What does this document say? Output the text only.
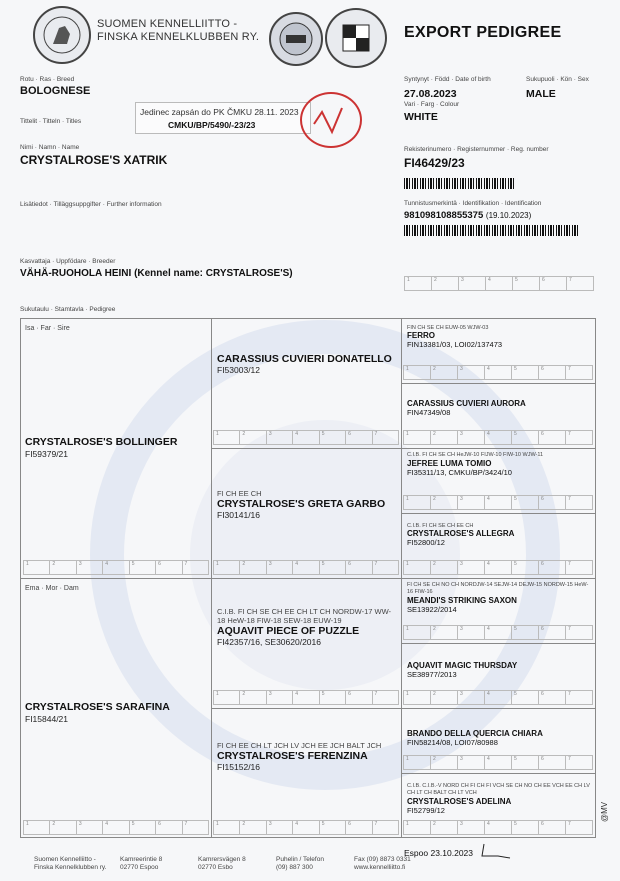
SUOMEN KENNELLIITTO -
FINSKA KENNELKLUBBEN RY.	EXPORT PEDIGREE
Rotu · Ras · Breed
BOLOGNESE
Tittelit · Titteln · Titles
Jedinec zapsán do PK ČMKU 28.11. 2023
CMKU/BP/5490/-23/23
Nimi · Namn · Name
CRYSTALROSE'S XATRIK
Lisätiedot · Tilläggsuppgifter · Further information
Syntynyt · Född · Date of birth	Sukupuoli · Kön · Sex
27.08.2023	MALE
Vari · Farg · Colour
WHITE
Rekisterinumero · Registernummer · Reg. number
FI46429/23
Tunnistusmerkintä · Identifikation · Identification
981098108855375 (19.10.2023)
Kasvattaja · Uppfödare · Breeder
VÄHÄ-RUOHOLA HEINI (Kennel name: CRYSTALROSE'S)
1	2	3	4	5	6	7
Sukutaulu · Stamtavla · Pedigree
Isa · Far · Sire
CRYSTALROSE'S BOLLINGER
FI59379/21
1	2	3	4	5	6	7
Ema · Mor · Dam
CRYSTALROSE'S SARAFINA
FI15844/21
1	2	3	4	5	6	7
CARASSIUS CUVIERI DONATELLO
FI53003/12
1	2	3	4	5	6	7
FI CH EE CH
CRYSTALROSE'S GRETA GARBO
FI30141/16
1	2	3	4	5	6	7
C.I.B. FI CH SE CH EE CH LT CH NORDW-17 WW-18 HeW-18 FIW-18 SEW-18 EUW-19
AQUAVIT PIECE OF PUZZLE
FI42357/16, SE30620/2016
1	2	3	4	5	6	7
FI CH EE CH LT JCH LV JCH EE JCH BALT JCH
CRYSTALROSE'S FERENZINA
FI15152/16
1	2	3	4	5	6	7
FIN CH SE CH EUW-05 WJW-03
FERRO
FIN13381/03, LOI02/137473
1	2	3	4	5	6	7
CARASSIUS CUVIERI AURORA
FIN47349/08
1	2	3	4	5	6	7
C.I.B. FI CH SE CH HeJW-10 FIJW-10 FIW-10 WJW-11
JEFREE LUMA TOMIO
FI35311/13, CMKU/BP/3424/10
1	2	3	4	5	6	7
C.I.B. FI CH SE CH EE CH
CRYSTALROSE'S ALLEGRA
FI52800/12
1	2	3	4	5	6	7
FI CH SE CH NO CH NORDJW-14 SEJW-14 DEJW-15 NORDW-15 HeW-16 FIW-16
MEANDI'S STRIKING SAXON
SE13922/2014
1	2	3	4	5	6	7
AQUAVIT MAGIC THURSDAY
SE38977/2013
1	2	3	4	5	6	7
BRANDO DELLA QUERCIA CHIARA
FIN58214/08, LOI07/80988
1	2	3	4	5	6	7
C.I.B. C.I.B.-V NORD CH FI CH FI VCH SE CH NO CH EE VCH EE CH LV CH LT CH BALT CH LT VCH
CRYSTALROSE'S ADELINA
FI52799/12
1	2	3	4	5	6	7
Espoo 23.10.2023
@MV
Suomen Kennelliitto -
Finska Kennelklubben ry.
Kamreerintie 8
02770 Espoo
Kamrersvägen 8
02770 Esbo
Puhelin / Telefon
(09) 887 300
Fax (09) 8873 0331
www.kennelliitto.fi
